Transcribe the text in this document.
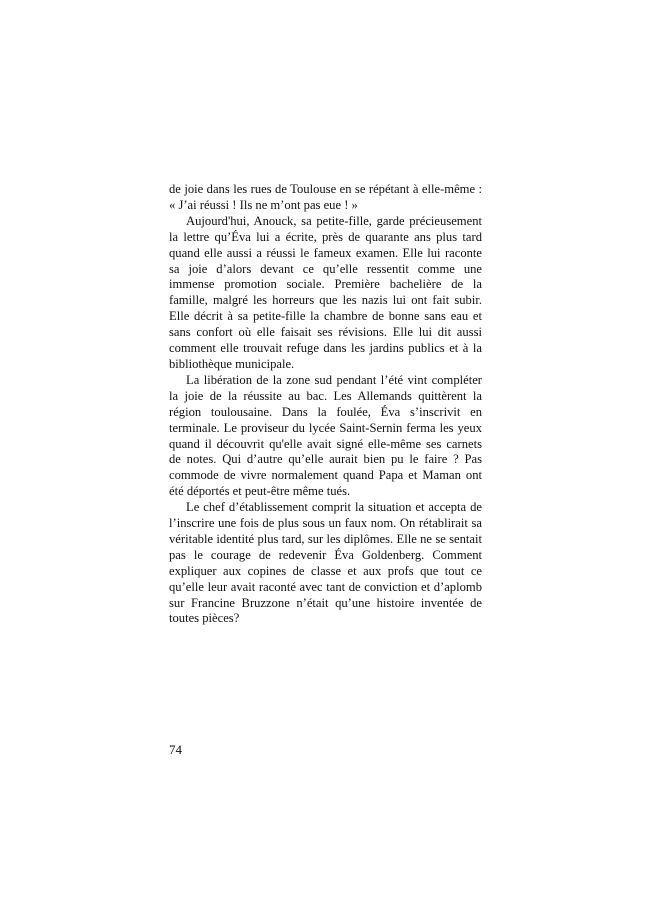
de joie dans les rues de Toulouse en se répétant à elle-même : « J’ai réussi ! Ils ne m’ont pas eue ! »

Aujourd'hui, Anouck, sa petite-fille, garde précieusement la lettre qu’Éva lui a écrite, près de quarante ans plus tard quand elle aussi a réussi le fameux examen. Elle lui raconte sa joie d’alors devant ce qu’elle ressentit comme une immense promotion sociale. Première bachelière de la famille, malgré les horreurs que les nazis lui ont fait subir. Elle décrit à sa petite-fille la chambre de bonne sans eau et sans confort où elle faisait ses révisions. Elle lui dit aussi comment elle trouvait refuge dans les jardins publics et à la bibliothèque municipale.

La libération de la zone sud pendant l’été vint compléter la joie de la réussite au bac. Les Allemands quittèrent la région toulousaine. Dans la foulée, Éva s’inscrivit en terminale. Le proviseur du lycée Saint-Sernin ferma les yeux quand il découvrit qu'elle avait signé elle-même ses carnets de notes. Qui d’autre qu’elle aurait bien pu le faire ? Pas commode de vivre normalement quand Papa et Maman ont été déportés et peut-être même tués.

Le chef d’établissement comprit la situation et accepta de l’inscrire une fois de plus sous un faux nom. On rétablirait sa véritable identité plus tard, sur les diplômes. Elle ne se sentait pas le courage de redevenir Éva Goldenberg. Comment expliquer aux copines de classe et aux profs que tout ce qu’elle leur avait raconté avec tant de conviction et d’aplomb sur Francine Bruzzone n’était qu’une histoire inventée de toutes pièces?

74
